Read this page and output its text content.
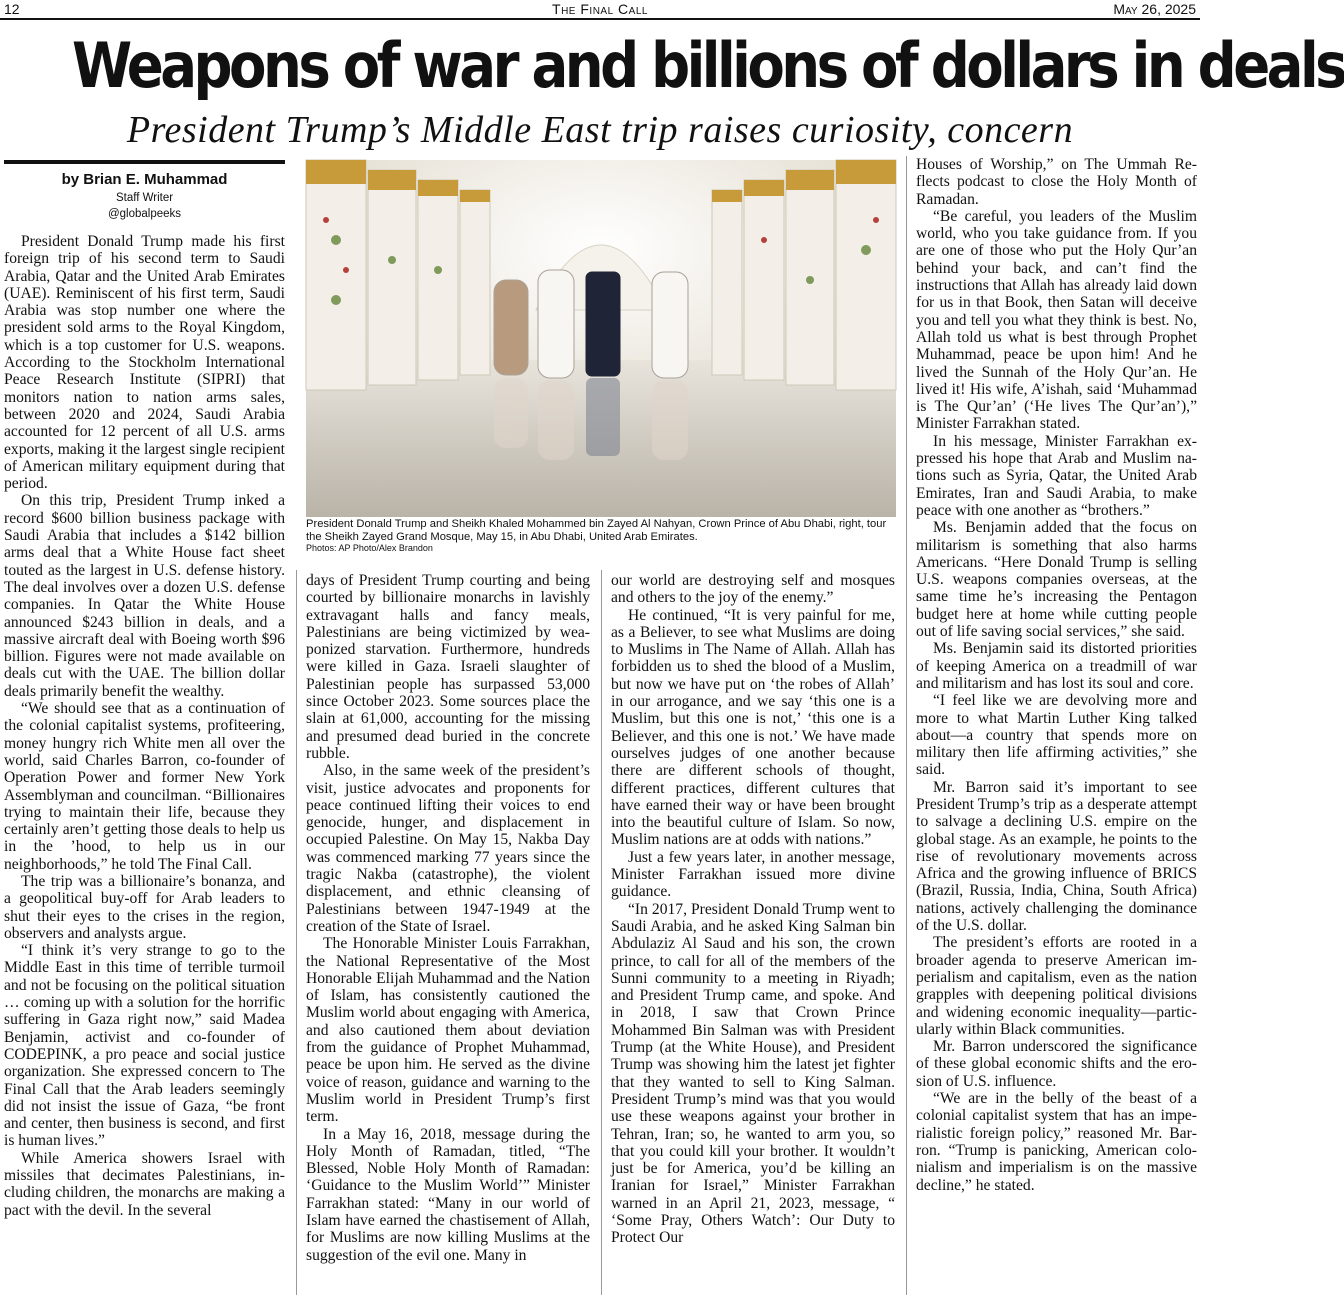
12	The Final Call	May 26, 2025
Weapons of war and billions of dollars in deals
President Trump’s Middle East trip raises curiosity, concern
by Brian E. Muhammad
Staff Writer
@globalpeeks
President Donald Trump and Sheikh Khaled Mohammed bin Zayed Al Nahyan, Crown Prince of Abu Dhabi, right, tour the Sheikh Zayed Grand Mosque, May 15, in Abu Dhabi, United Arab Emirates.
Photos: AP Photo/Alex Brandon

President Donald Trump made his first foreign trip of his second term to Saudi Arabia, Qatar and the United Arab Emirates (UAE). Reminiscent of his first term, Saudi Arabia was stop number one where the president sold arms to the Royal Kingdom, which is a top customer for U.S. weapons. According to the Stockholm International Peace Research Institute (SIPRI) that monitors nation to nation arms sales, between 2020 and 2024, Saudi Arabia accounted for 12 percent of all U.S. arms exports, making it the largest single recipient of American military equipment during that period.

On this trip, President Trump inked a record $600 billion business package with Saudi Arabia that includes a $142 billion arms deal that a White House fact sheet touted as the largest in U.S. defense history. The deal involves over a dozen U.S. defense companies. In Qatar the White House announced $243 billion in deals, and a massive aircraft deal with Boeing worth $96 billion. Figures were not made available on deals cut with the UAE. The billion dollar deals primarily benefit the wealthy.

“We should see that as a continuation of the colonial capitalist systems, profiteering, money hungry rich White men all over the world, said Charles Barron, co-founder of Operation Power and former New York Assemblyman and councilman. “Billionaires trying to maintain their life, because they certainly aren’t getting those deals to help us in the ’hood, to help us in our neighborhoods,” he told The Final Call.

The trip was a billionaire’s bonanza, and a geopolitical buy-off for Arab leaders to shut their eyes to the crises in the region, observers and analysts argue.

“I think it’s very strange to go to the Middle East in this time of terrible turmoil and not be focusing on the political situation … coming up with a solution for the horrific suffering in Gaza right now,” said Madea Benjamin, activist and co-founder of CODEPINK, a pro peace and social justice organization. She expressed concern to The Final Call that the Arab leaders seemingly did not insist the issue of Gaza, “be front and center, then business is second, and first is human lives.”

While America showers Israel with missiles that decimates Palestinians, including children, the monarchs are making a pact with the devil. In the several

days of President Trump courting and being courted by billionaire monarchs in lavishly extravagant halls and fancy meals, Palestinians are being victimized by weaponized starvation. Furthermore, hundreds were killed in Gaza. Israeli slaughter of Palestinian people has surpassed 53,000 since October 2023. Some sources place the slain at 61,000, accounting for the missing and presumed dead buried in the concrete rubble.

Also, in the same week of the president’s visit, justice advocates and proponents for peace continued lifting their voices to end genocide, hunger, and displacement in occupied Palestine. On May 15, Nakba Day was commenced marking 77 years since the tragic Nakba (catastrophe), the violent displacement, and ethnic cleansing of Palestinians between 1947-1949 at the creation of the State of Israel.

The Honorable Minister Louis Farrakhan, the National Representative of the Most Honorable Elijah Muhammad and the Nation of Islam, has consistently cautioned the Muslim world about engaging with America, and also cautioned them about deviation from the guidance of Prophet Muhammad, peace be upon him. He served as the divine voice of reason, guidance and warning to the Muslim world in President Trump’s first term.

In a May 16, 2018, message during the Holy Month of Ramadan, titled, “The Blessed, Noble Holy Month of Ramadan: ‘Guidance to the Muslim World’” Minister Farrakhan stated: “Many in our world of Islam have earned the chastisement of Allah, for Muslims are now killing Muslims at the suggestion of the evil one. Many in

our world are destroying self and mosques and others to the joy of the enemy.”

He continued, “It is very painful for me, as a Believer, to see what Muslims are doing to Muslims in The Name of Allah. Allah has forbidden us to shed the blood of a Muslim, but now we have put on ‘the robes of Allah’ in our arrogance, and we say ‘this one is a Muslim, but this one is not,’ ‘this one is a Believer, and this one is not.’ We have made ourselves judges of one another because there are different schools of thought, different practices, different cultures that have earned their way or have been brought into the beautiful culture of Islam. So now, Muslim nations are at odds with nations.”

Just a few years later, in another message, Minister Farrakhan issued more divine guidance.

“In 2017, President Donald Trump went to Saudi Arabia, and he asked King Salman bin Abdulaziz Al Saud and his son, the crown prince, to call for all of the members of the Sunni community to a meeting in Riyadh; and President Trump came, and spoke. And in 2018, I saw that Crown Prince Mohammed Bin Salman was with President Trump (at the White House), and President Trump was showing him the latest jet fighter that they wanted to sell to King Salman. President Trump’s mind was that you would use these weapons against your brother in Tehran, Iran; so, he wanted to arm you, so that you could kill your brother. It wouldn’t just be for America, you’d be killing an Iranian for Israel,” Minister Farrakhan warned in an April 21, 2023, message, “ ‘Some Pray, Others Watch’: Our Duty to Protect Our

Houses of Worship,” on The Ummah Reflects podcast to close the Holy Month of Ramadan.

“Be careful, you leaders of the Muslim world, who you take guidance from. If you are one of those who put the Holy Qur’an behind your back, and can’t find the instructions that Allah has already laid down for us in that Book, then Satan will deceive you and tell you what they think is best. No, Allah told us what is best through Prophet Muhammad, peace be upon him! And he lived the Sunnah of the Holy Qur’an. He lived it! His wife, A’ishah, said ‘Muhammad is The Qur’an’ (‘He lives The Qur’an’),” Minister Farrakhan stated.

In his message, Minister Farrakhan expressed his hope that Arab and Muslim nations such as Syria, Qatar, the United Arab Emirates, Iran and Saudi Arabia, to make peace with one another as “brothers.”

Ms. Benjamin added that the focus on militarism is something that also harms Americans. “Here Donald Trump is selling U.S. weapons companies overseas, at the same time he’s increasing the Pentagon budget here at home while cutting people out of life saving social services,” she said.

Ms. Benjamin said its distorted priorities of keeping America on a treadmill of war and militarism and has lost its soul and core.

“I feel like we are devolving more and more to what Martin Luther King talked about—a country that spends more on military then life affirming activities,” she said.

Mr. Barron said it’s important to see President Trump’s trip as a desperate attempt to salvage a declining U.S. empire on the global stage. As an example, he points to the rise of revolutionary movements across Africa and the growing influence of BRICS (Brazil, Russia, India, China, South Africa) nations, actively challenging the dominance of the U.S. dollar.

The president’s efforts are rooted in a broader agenda to preserve American imperialism and capitalism, even as the nation grapples with deepening political divisions and widening economic inequality—particularly within Black communities.

Mr. Barron underscored the significance of these global economic shifts and the erosion of U.S. influence.

“We are in the belly of the beast of a colonial capitalist system that has an imperialistic foreign policy,” reasoned Mr. Barron. “Trump is panicking, American colonialism and imperialism is on the massive decline,” he stated.
